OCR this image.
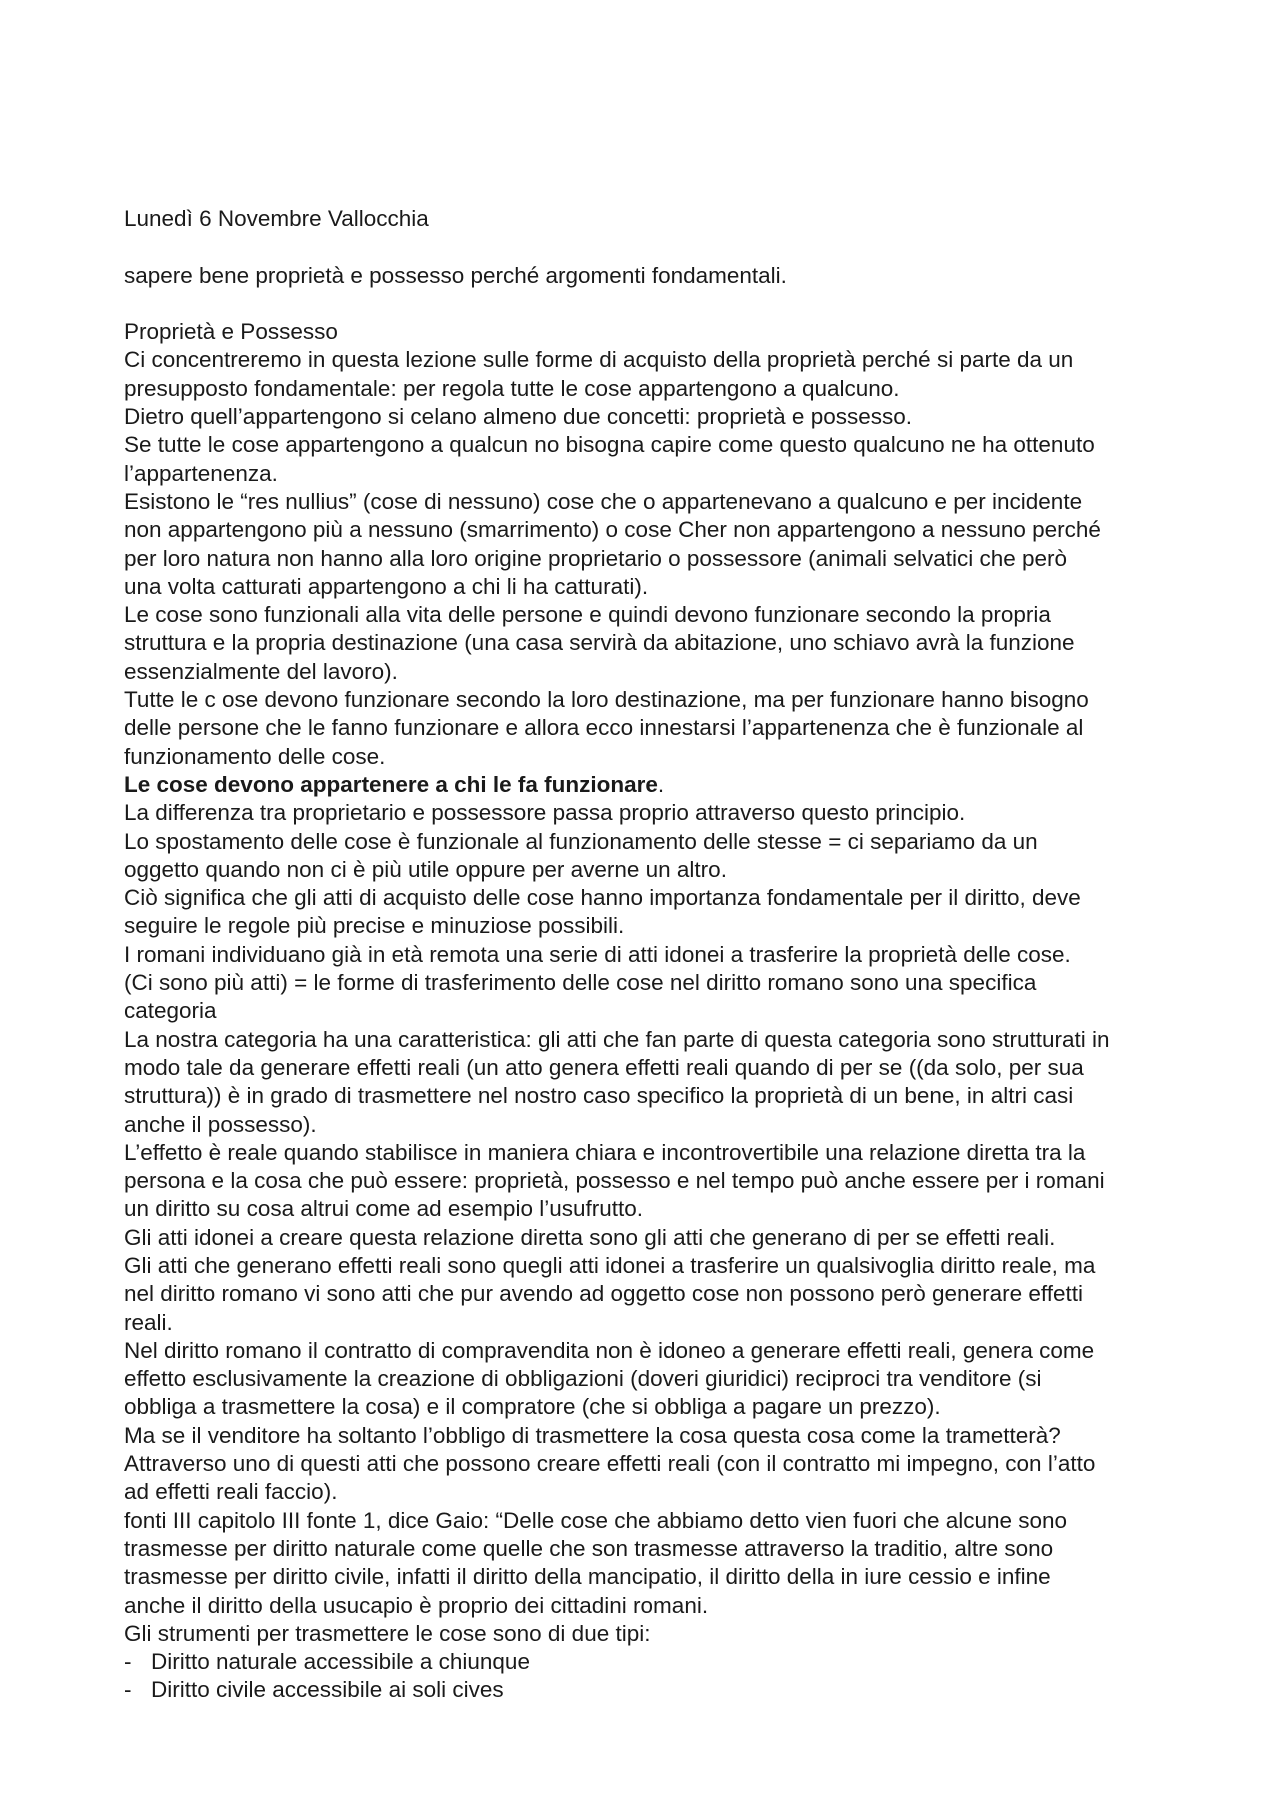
Lunedì 6 Novembre Vallocchia
sapere bene proprietà e possesso perché argomenti fondamentali.
Proprietà e Possesso
Ci concentreremo in questa lezione sulle forme di acquisto della proprietà perché si parte da un
presupposto fondamentale: per regola tutte le cose appartengono a qualcuno.
Dietro quell’appartengono si celano almeno due concetti: proprietà e possesso.
Se tutte le cose appartengono a qualcun no bisogna capire come questo qualcuno ne ha ottenuto
l’appartenenza.
Esistono le “res nullius” (cose di nessuno) cose che o appartenevano a qualcuno e per incidente
non appartengono più a nessuno (smarrimento) o cose Cher non appartengono a nessuno perché
per loro natura non hanno alla loro origine proprietario o possessore (animali selvatici che però
una volta catturati appartengono a chi li ha catturati).
Le cose sono funzionali alla vita delle persone e quindi devono funzionare secondo la propria
struttura e la propria destinazione (una casa servirà da abitazione, uno schiavo avrà la funzione
essenzialmente del lavoro).
Tutte le c ose devono funzionare secondo la loro destinazione, ma per funzionare hanno bisogno
delle persone che le fanno funzionare e allora ecco innestarsi l’appartenenza che è funzionale al
funzionamento delle cose.
Le cose devono appartenere a chi le fa funzionare.
La differenza tra proprietario e possessore passa proprio attraverso questo principio.
Lo spostamento delle cose è funzionale al funzionamento delle stesse = ci separiamo da un
oggetto quando non ci è più utile oppure per averne un altro.
Ciò significa che gli atti di acquisto delle cose hanno importanza fondamentale per il diritto, deve
seguire le regole più precise e minuziose possibili.
I romani individuano già in età remota una serie di atti idonei a trasferire la proprietà delle cose.
(Ci sono più atti) = le forme di trasferimento delle cose nel diritto romano sono una specifica
categoria
La nostra categoria ha una caratteristica: gli atti che fan parte di questa categoria sono strutturati in
modo tale da generare effetti reali (un atto genera effetti reali quando di per se ((da solo, per sua
struttura)) è in grado di trasmettere nel nostro caso specifico la proprietà di un bene, in altri casi
anche il possesso).
L’effetto è reale quando stabilisce in maniera chiara e incontrovertibile una relazione diretta tra la
persona e la cosa che può essere: proprietà, possesso e nel tempo può anche essere per i romani
un diritto su cosa altrui come ad esempio l’usufrutto.
Gli atti idonei a creare questa relazione diretta sono gli atti che generano di per se effetti reali.
Gli atti che generano effetti reali sono quegli atti idonei a trasferire un qualsivoglia diritto reale, ma
nel diritto romano vi sono atti che pur avendo ad oggetto cose non possono però generare effetti
reali.
Nel diritto romano il contratto di compravendita non è idoneo a generare effetti reali, genera come
effetto esclusivamente la creazione di obbligazioni (doveri giuridici) reciproci tra venditore (si
obbliga a trasmettere la cosa) e il compratore (che si obbliga a pagare un prezzo).
Ma se il venditore ha soltanto l’obbligo di trasmettere la cosa questa cosa come la trametterà?
Attraverso uno di questi atti che possono creare effetti reali (con il contratto mi impegno, con l’atto
ad effetti reali faccio).
fonti III capitolo III fonte 1, dice Gaio: “Delle cose che abbiamo detto vien fuori che alcune sono
trasmesse per diritto naturale come quelle che son trasmesse attraverso la traditio, altre sono
trasmesse per diritto civile, infatti il diritto della mancipatio, il diritto della in iure cessio e infine
anche il diritto della usucapio è proprio dei cittadini romani.
Gli strumenti per trasmettere le cose sono di due tipi:
- Diritto naturale accessibile a chiunque
- Diritto civile accessibile ai soli cives
